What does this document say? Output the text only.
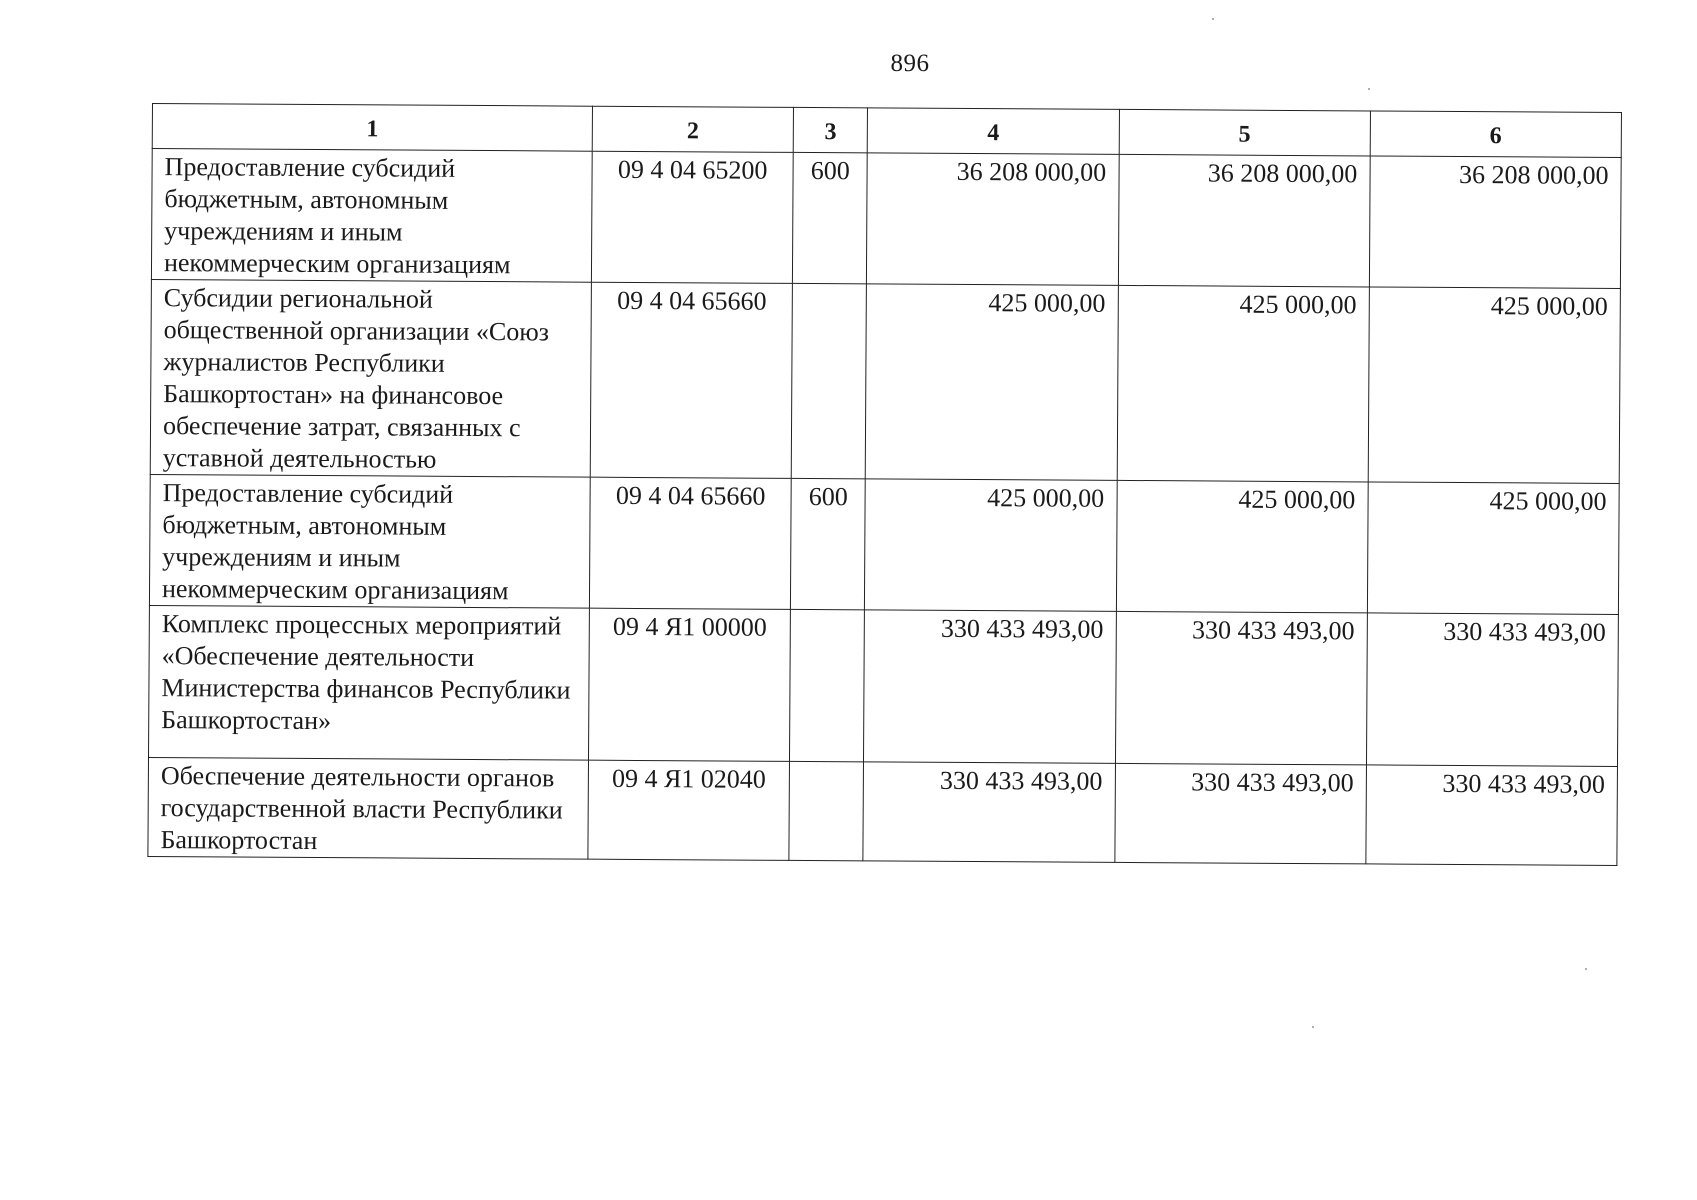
896
1	2	3	4	5	6
Предоставление субсидий бюджетным, автономным учреждениям и иным некоммерческим организациям	09 4 04 65200	600	36 208 000,00	36 208 000,00	36 208 000,00
Субсидии региональной общественной организации «Союз журналистов Республики Башкортостан» на финансовое обеспечение затрат, связанных с уставной деятельностью	09 4 04 65660		425 000,00	425 000,00	425 000,00
Предоставление субсидий бюджетным, автономным учреждениям и иным некоммерческим организациям	09 4 04 65660	600	425 000,00	425 000,00	425 000,00
Комплекс процессных мероприятий «Обеспечение деятельности Министерства финансов Республики Башкортостан»	09 4 Я1 00000		330 433 493,00	330 433 493,00	330 433 493,00
Обеспечение деятельности органов государственной власти Республики Башкортостан	09 4 Я1 02040		330 433 493,00	330 433 493,00	330 433 493,00
